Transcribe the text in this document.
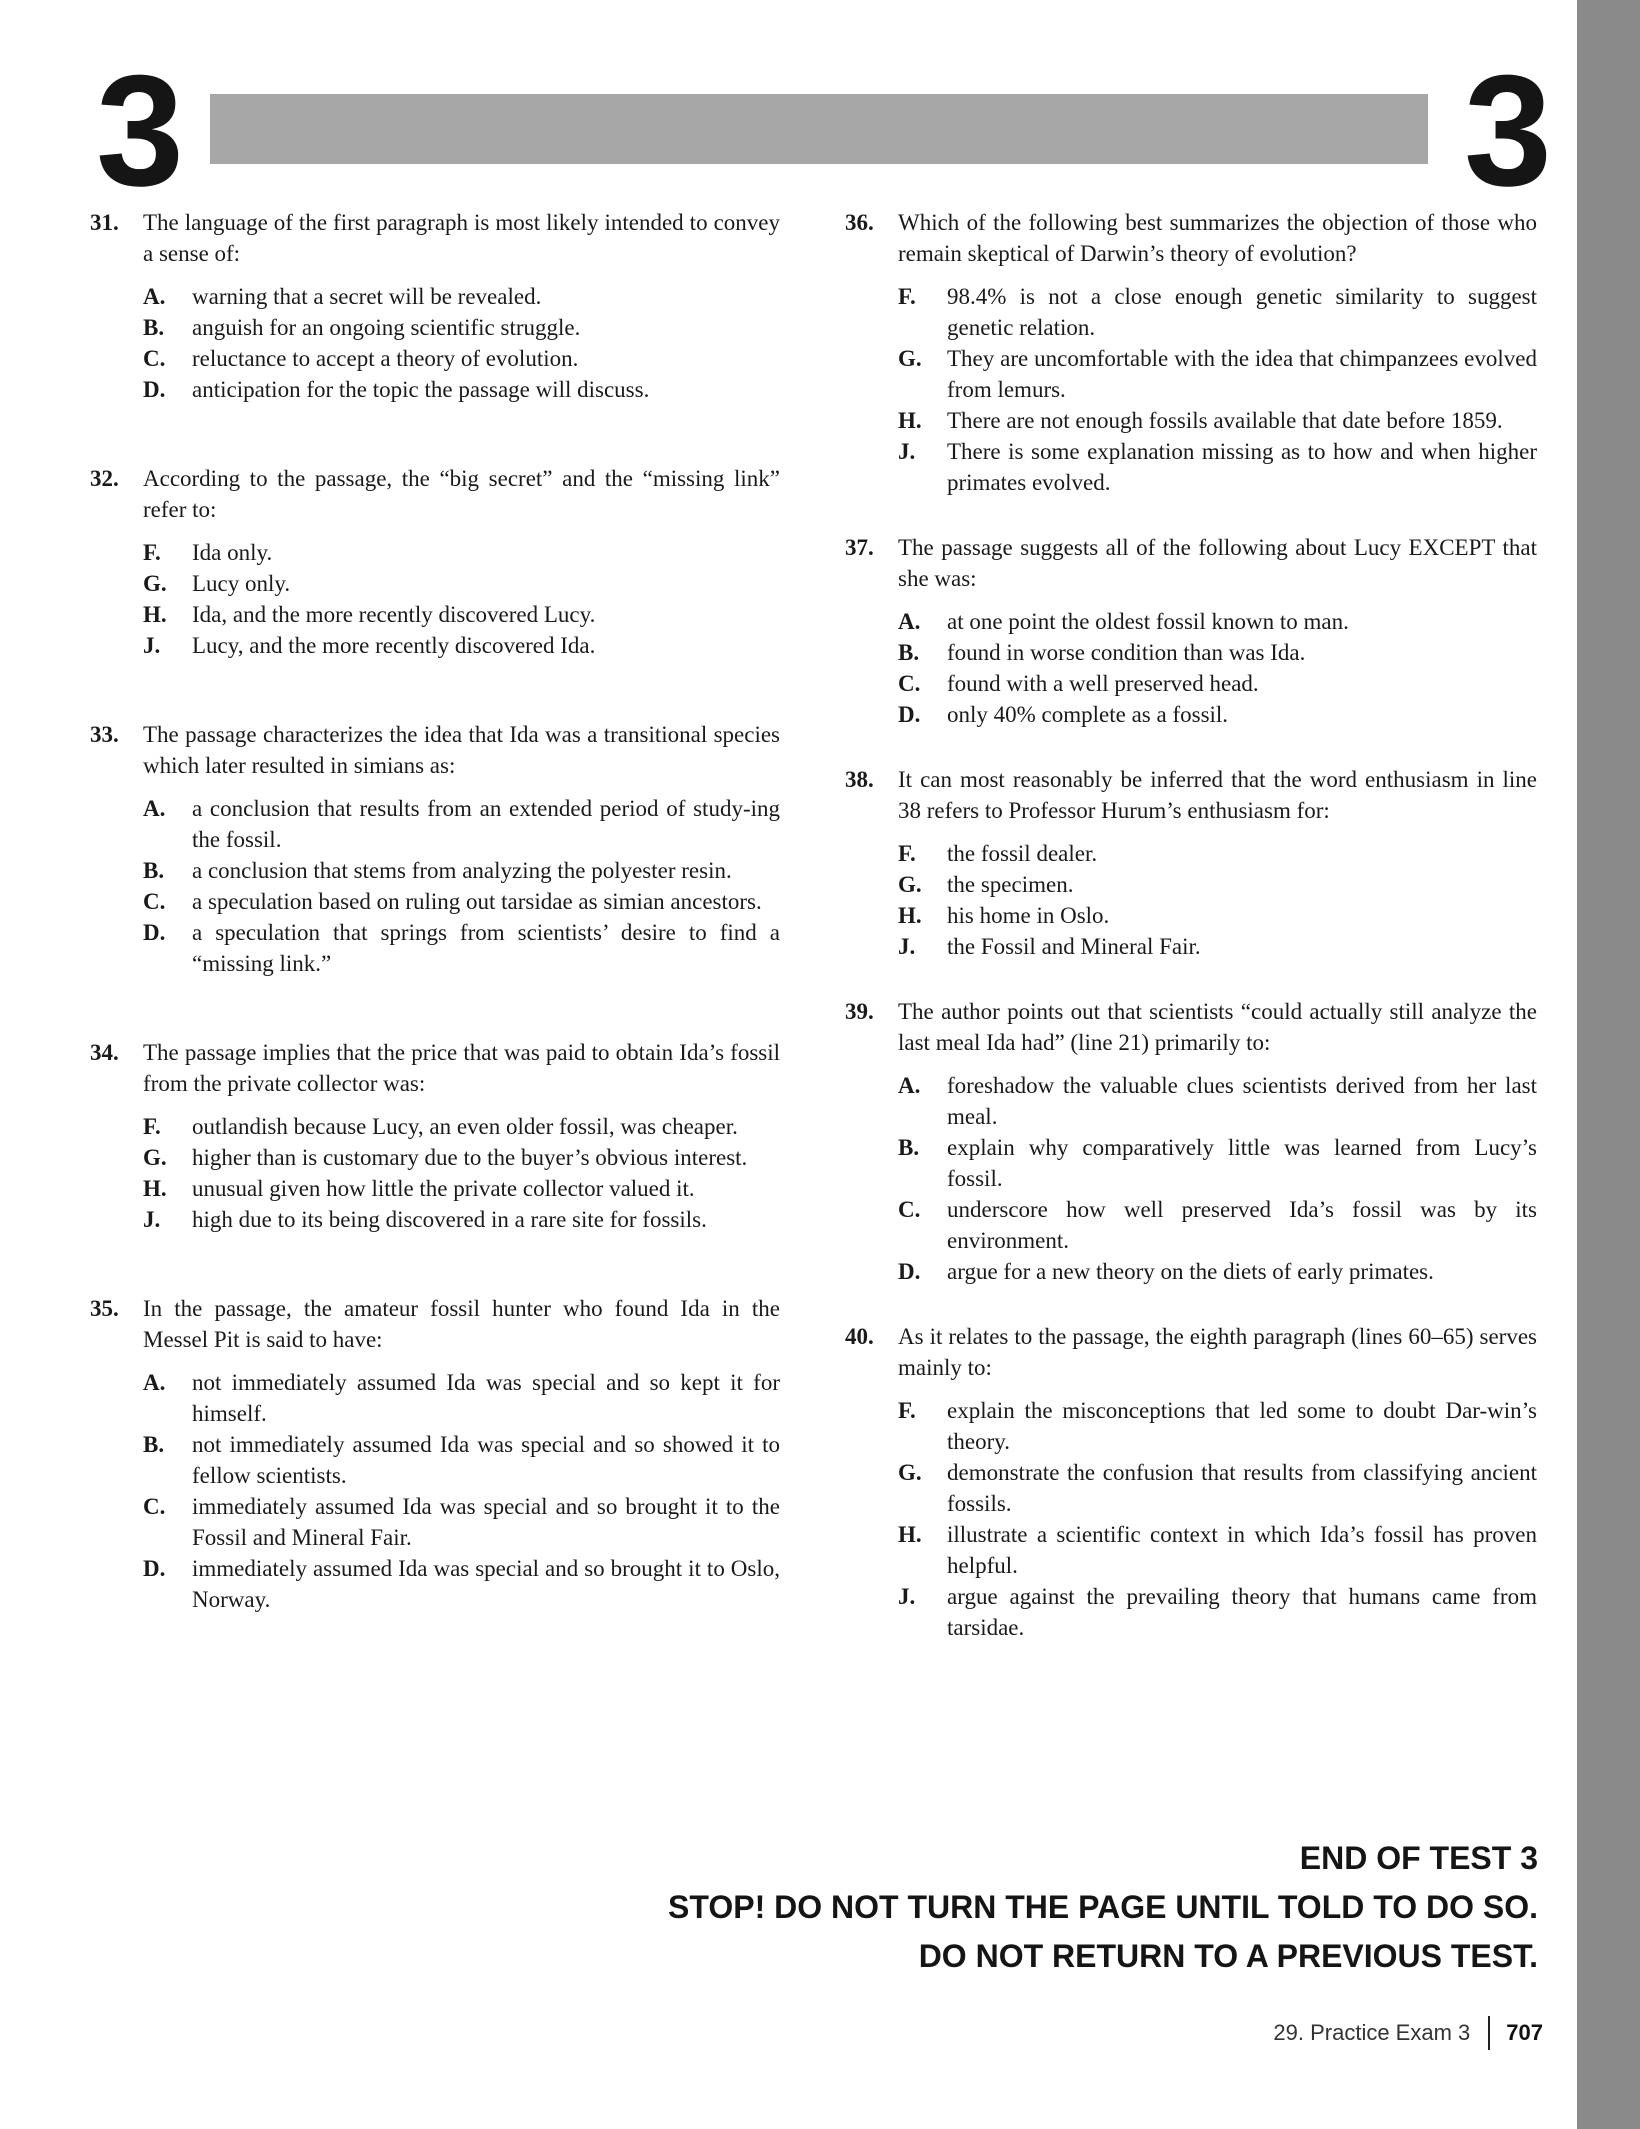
3	3
31.	The language of the first paragraph is most likely intended to convey a sense of:
A.	warning that a secret will be revealed.
B.	anguish for an ongoing scientific struggle.
C.	reluctance to accept a theory of evolution.
D.	anticipation for the topic the passage will discuss.
32.	According to the passage, the “big secret” and the “missing link” refer to:
F.	Ida only.
G.	Lucy only.
H.	Ida, and the more recently discovered Lucy.
J.	Lucy, and the more recently discovered Ida.
33.	The passage characterizes the idea that Ida was a transitional species which later resulted in simians as:
A.	a conclusion that results from an extended period of study-ing the fossil.
B.	a conclusion that stems from analyzing the polyester resin.
C.	a speculation based on ruling out tarsidae as simian ancestors.
D.	a speculation that springs from scientists’ desire to find a “missing link.”
34.	The passage implies that the price that was paid to obtain Ida’s fossil from the private collector was:
F.	outlandish because Lucy, an even older fossil, was cheaper.
G.	higher than is customary due to the buyer’s obvious interest.
H.	unusual given how little the private collector valued it.
J.	high due to its being discovered in a rare site for fossils.
35.	In the passage, the amateur fossil hunter who found Ida in the Messel Pit is said to have:
A.	not immediately assumed Ida was special and so kept it for himself.
B.	not immediately assumed Ida was special and so showed it to fellow scientists.
C.	immediately assumed Ida was special and so brought it to the Fossil and Mineral Fair.
D.	immediately assumed Ida was special and so brought it to Oslo, Norway.
36.	Which of the following best summarizes the objection of those who remain skeptical of Darwin’s theory of evolution?
F.	98.4% is not a close enough genetic similarity to suggest genetic relation.
G.	They are uncomfortable with the idea that chimpanzees evolved from lemurs.
H.	There are not enough fossils available that date before 1859.
J.	There is some explanation missing as to how and when higher primates evolved.
37.	The passage suggests all of the following about Lucy EXCEPT that she was:
A.	at one point the oldest fossil known to man.
B.	found in worse condition than was Ida.
C.	found with a well preserved head.
D.	only 40% complete as a fossil.
38.	It can most reasonably be inferred that the word enthusiasm in line 38 refers to Professor Hurum’s enthusiasm for:
F.	the fossil dealer.
G.	the specimen.
H.	his home in Oslo.
J.	the Fossil and Mineral Fair.
39.	The author points out that scientists “could actually still analyze the last meal Ida had” (line 21) primarily to:
A.	foreshadow the valuable clues scientists derived from her last meal.
B.	explain why comparatively little was learned from Lucy’s fossil.
C.	underscore how well preserved Ida’s fossil was by its environment.
D.	argue for a new theory on the diets of early primates.
40.	As it relates to the passage, the eighth paragraph (lines 60–65) serves mainly to:
F.	explain the misconceptions that led some to doubt Dar-win’s theory.
G.	demonstrate the confusion that results from classifying ancient fossils.
H.	illustrate a scientific context in which Ida’s fossil has proven helpful.
J.	argue against the prevailing theory that humans came from tarsidae.
END OF TEST 3
STOP! DO NOT TURN THE PAGE UNTIL TOLD TO DO SO.
DO NOT RETURN TO A PREVIOUS TEST.
29. Practice Exam 3 707
